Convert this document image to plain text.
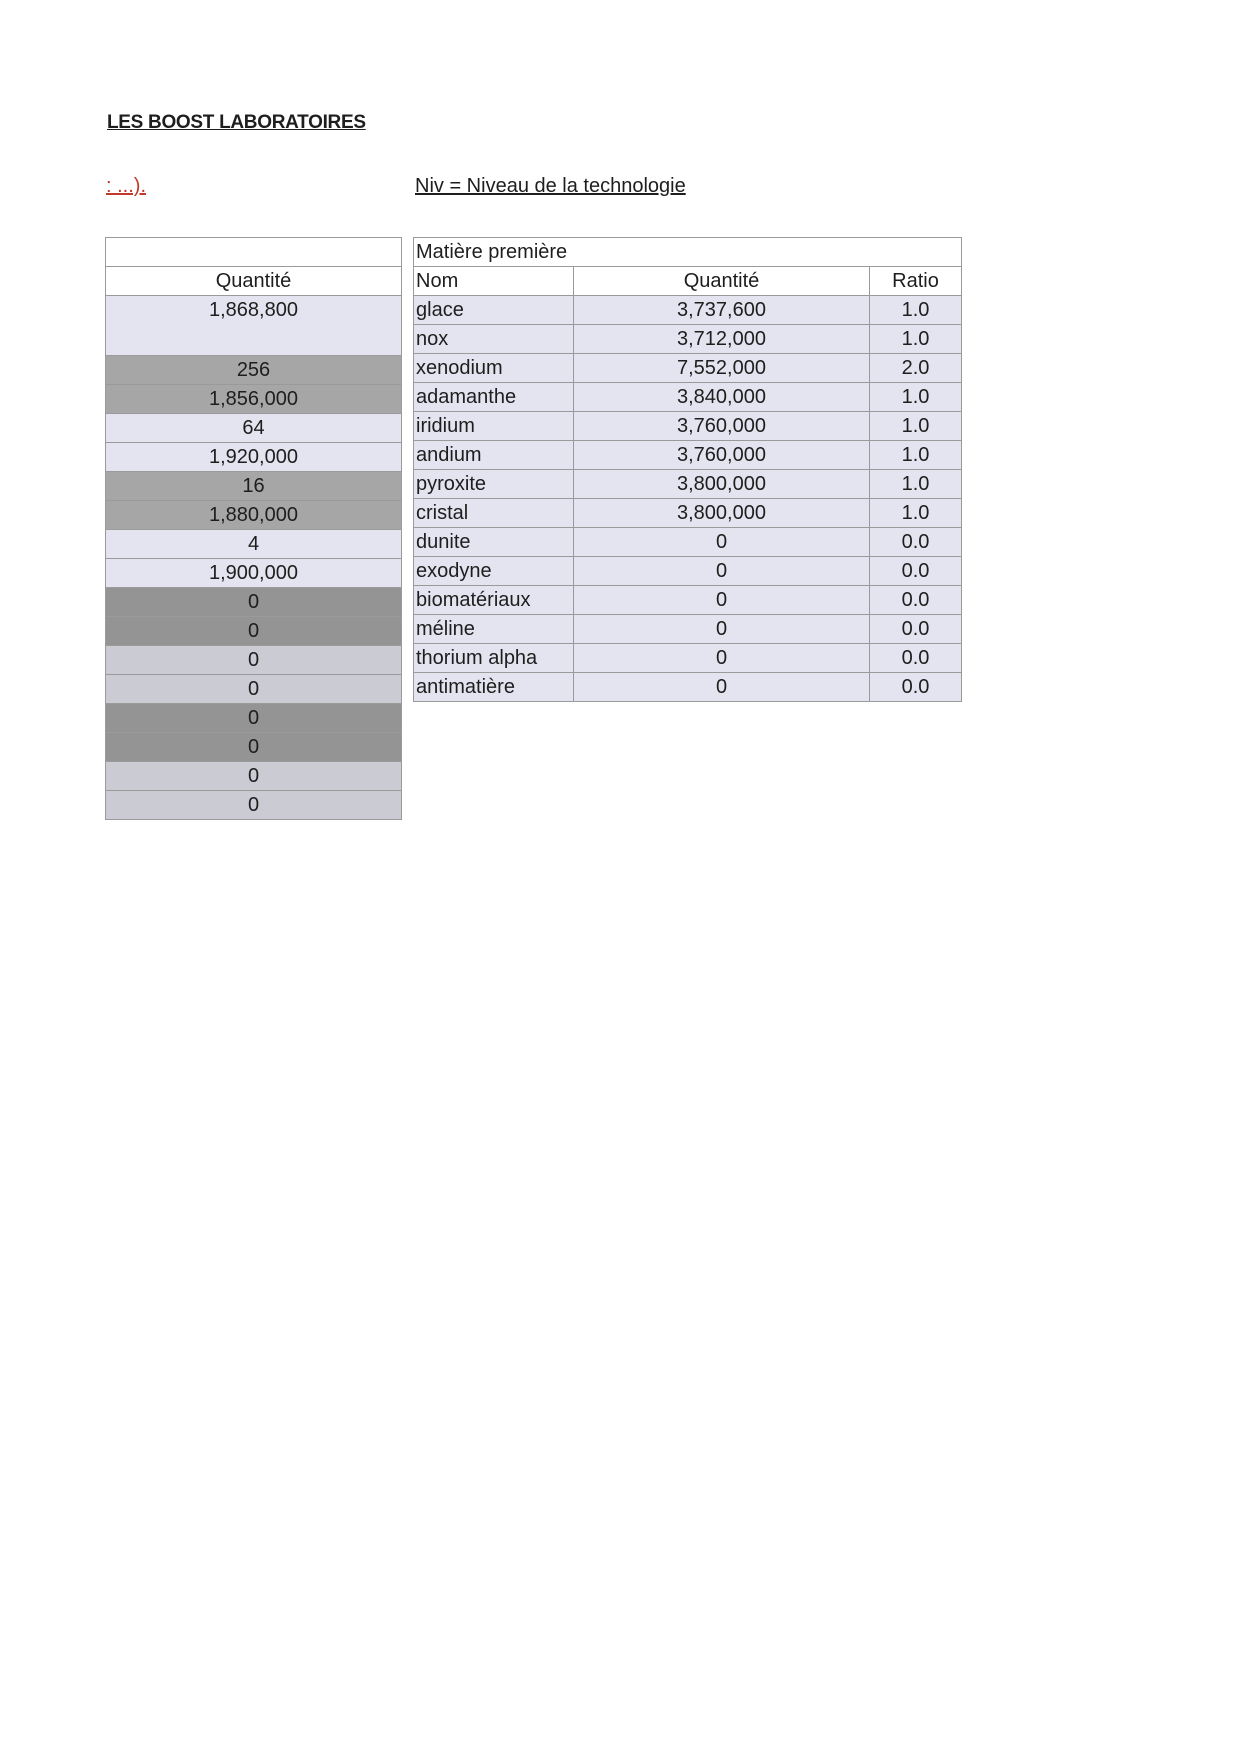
LES BOOST LABORATOIRES
: ...).	Niv = Niveau de la technologie

Quantité
1,868,800
256
1,856,000
64
1,920,000
16
1,880,000
4
1,900,000
0
0
0
0
0
0
0
0
Matière première		
Nom	Quantité	Ratio
glace	3,737,600	1.0
nox	3,712,000	1.0
xenodium	7,552,000	2.0
adamanthe	3,840,000	1.0
iridium	3,760,000	1.0
andium	3,760,000	1.0
pyroxite	3,800,000	1.0
cristal	3,800,000	1.0
dunite	0	0.0
exodyne	0	0.0
biomatériaux	0	0.0
méline	0	0.0
thorium alpha	0	0.0
antimatière	0	0.0
